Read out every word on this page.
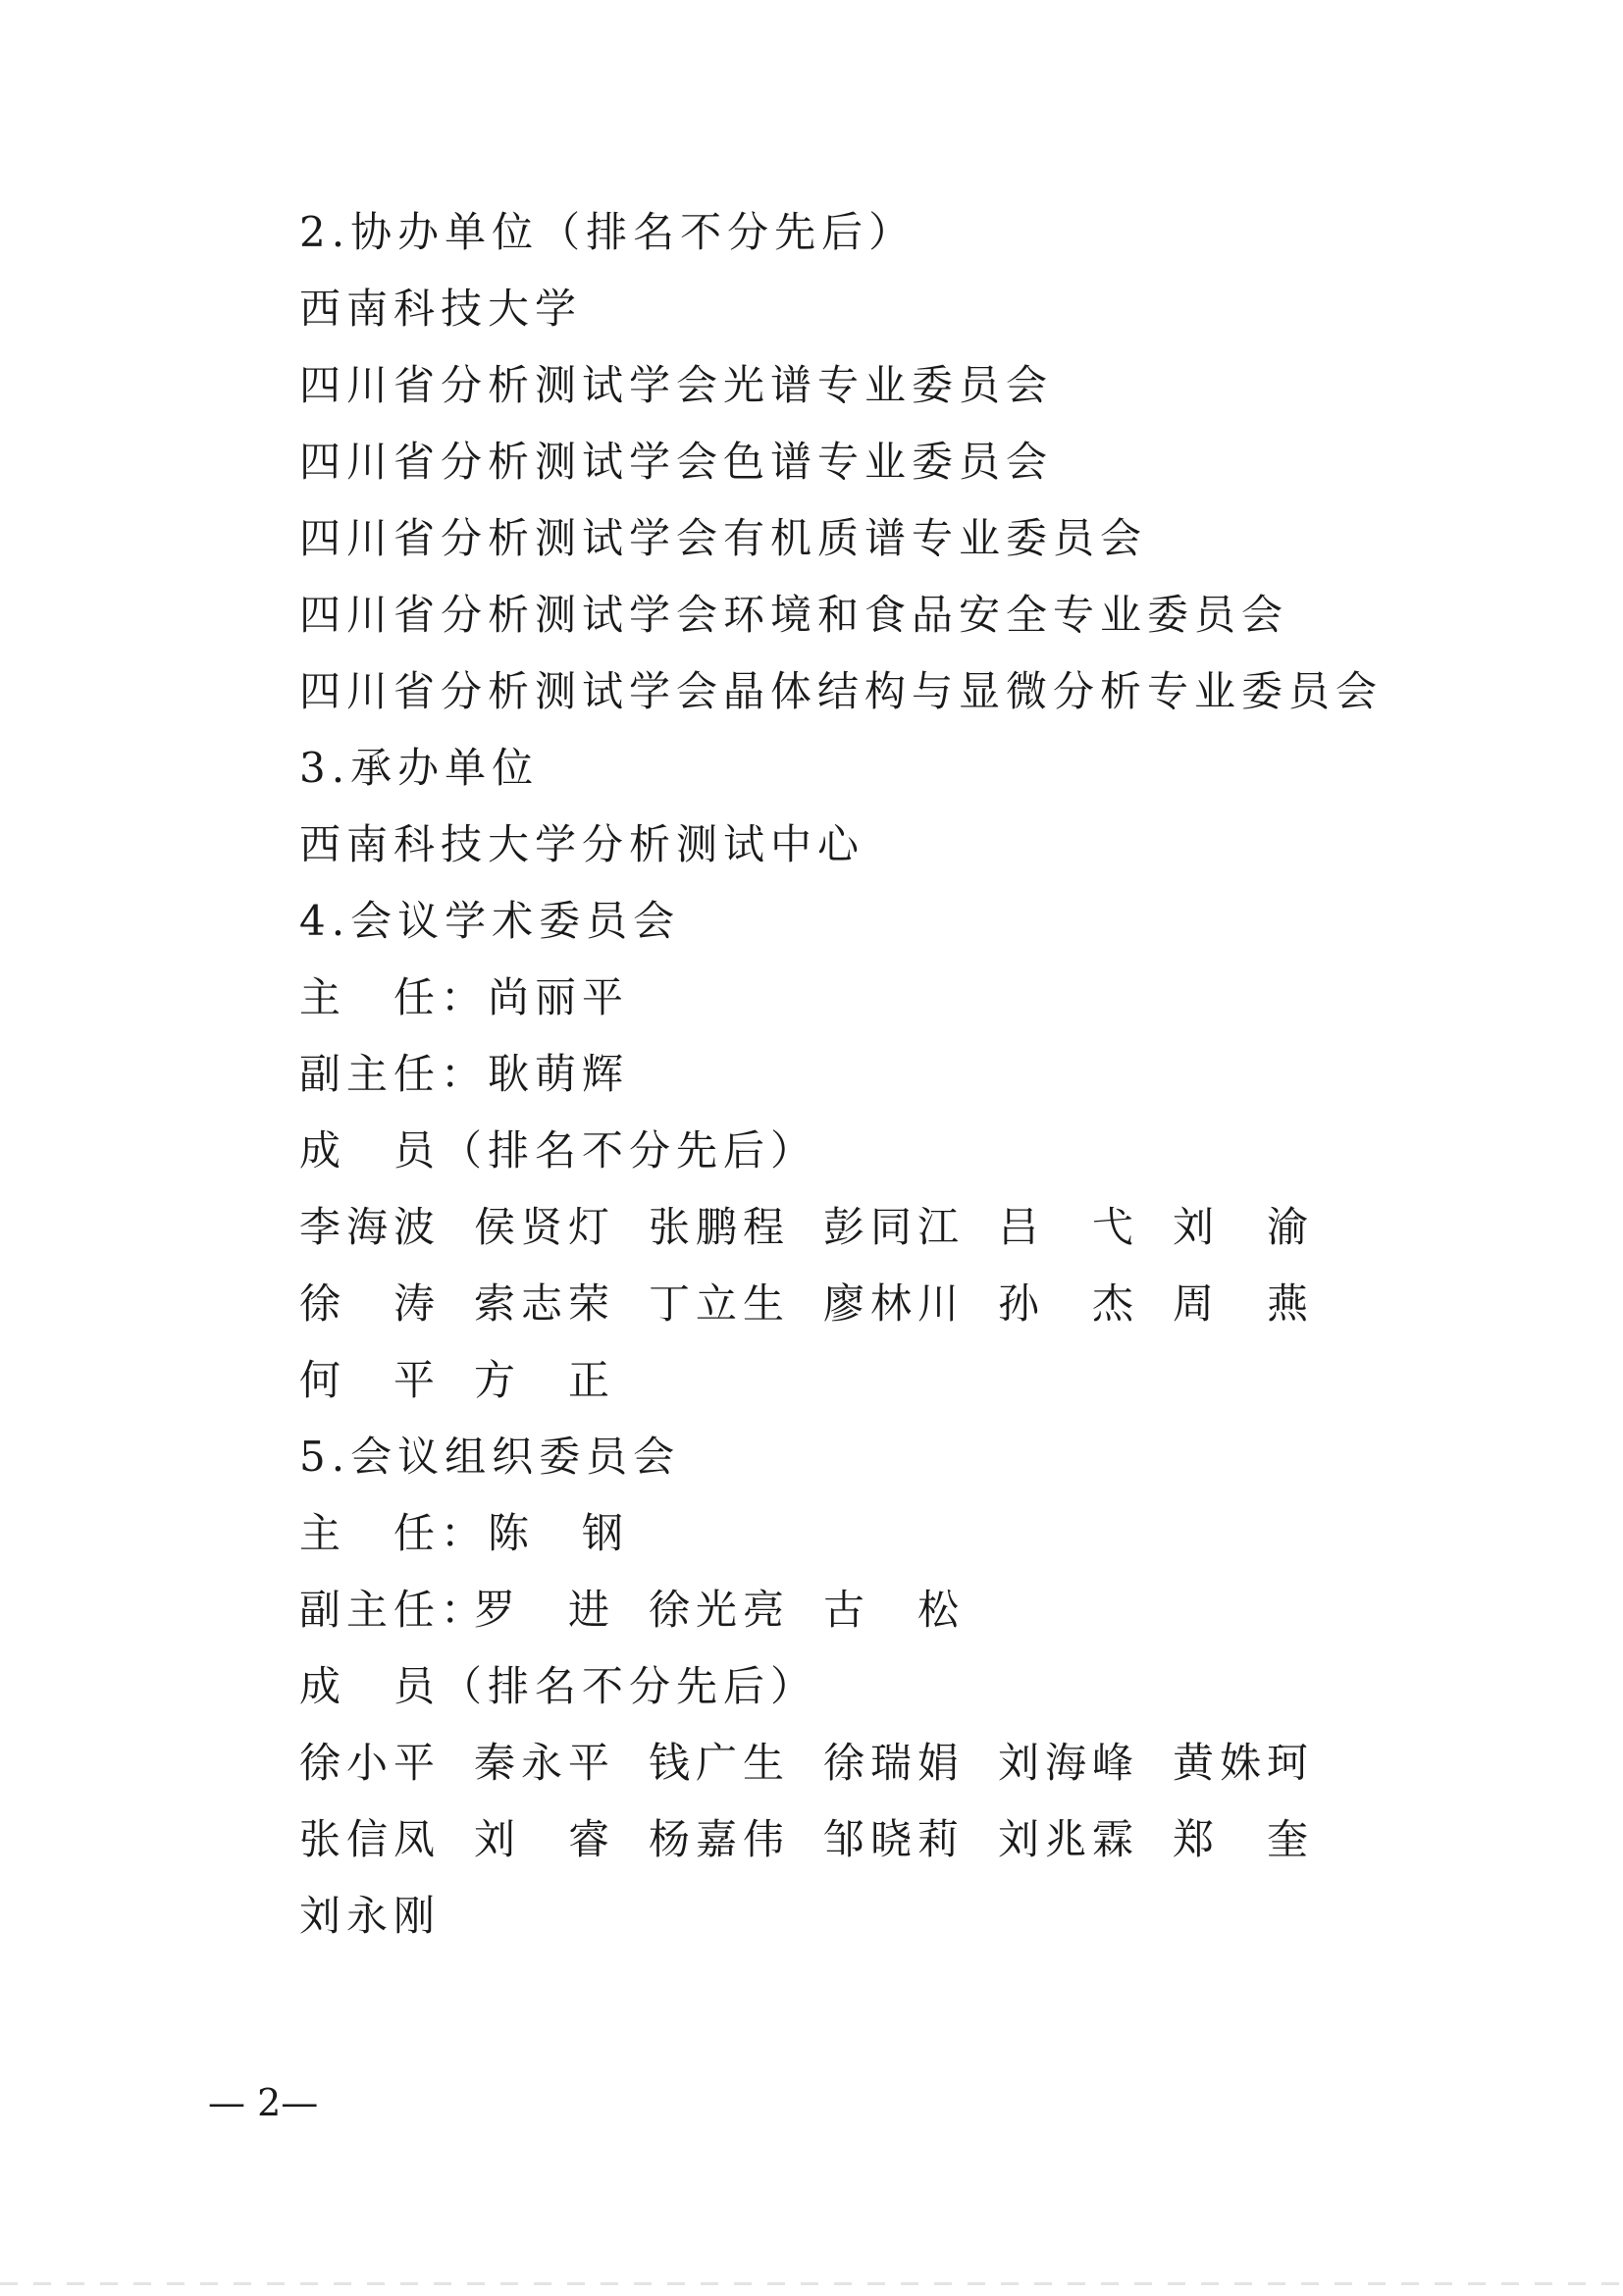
2.协办单位（排名不分先后）
西南科技大学
四川省分析测试学会光谱专业委员会
四川省分析测试学会色谱专业委员会
四川省分析测试学会有机质谱专业委员会
四川省分析测试学会环境和食品安全专业委员会
四川省分析测试学会晶体结构与显微分析专业委员会
3.承办单位
西南科技大学分析测试中心
4.会议学术委员会
主　任：尚丽平
副主任：耿萌辉
成　员（排名不分先后）
李海波 侯贤灯 张鹏程 彭同江 吕　弋 刘　渝
徐　涛 索志荣 丁立生 廖林川 孙　杰 周　燕
何　平 方　正
5.会议组织委员会
主　任：陈　钢
副主任：
罗　进 徐光亮 古　松
成　员（排名不分先后）
徐小平 秦永平 钱广生 徐瑞娟 刘海峰 黄姝珂
张信凤 刘　睿 杨嘉伟 邹晓莉 刘兆霖 郑　奎
刘永刚
— 2—
